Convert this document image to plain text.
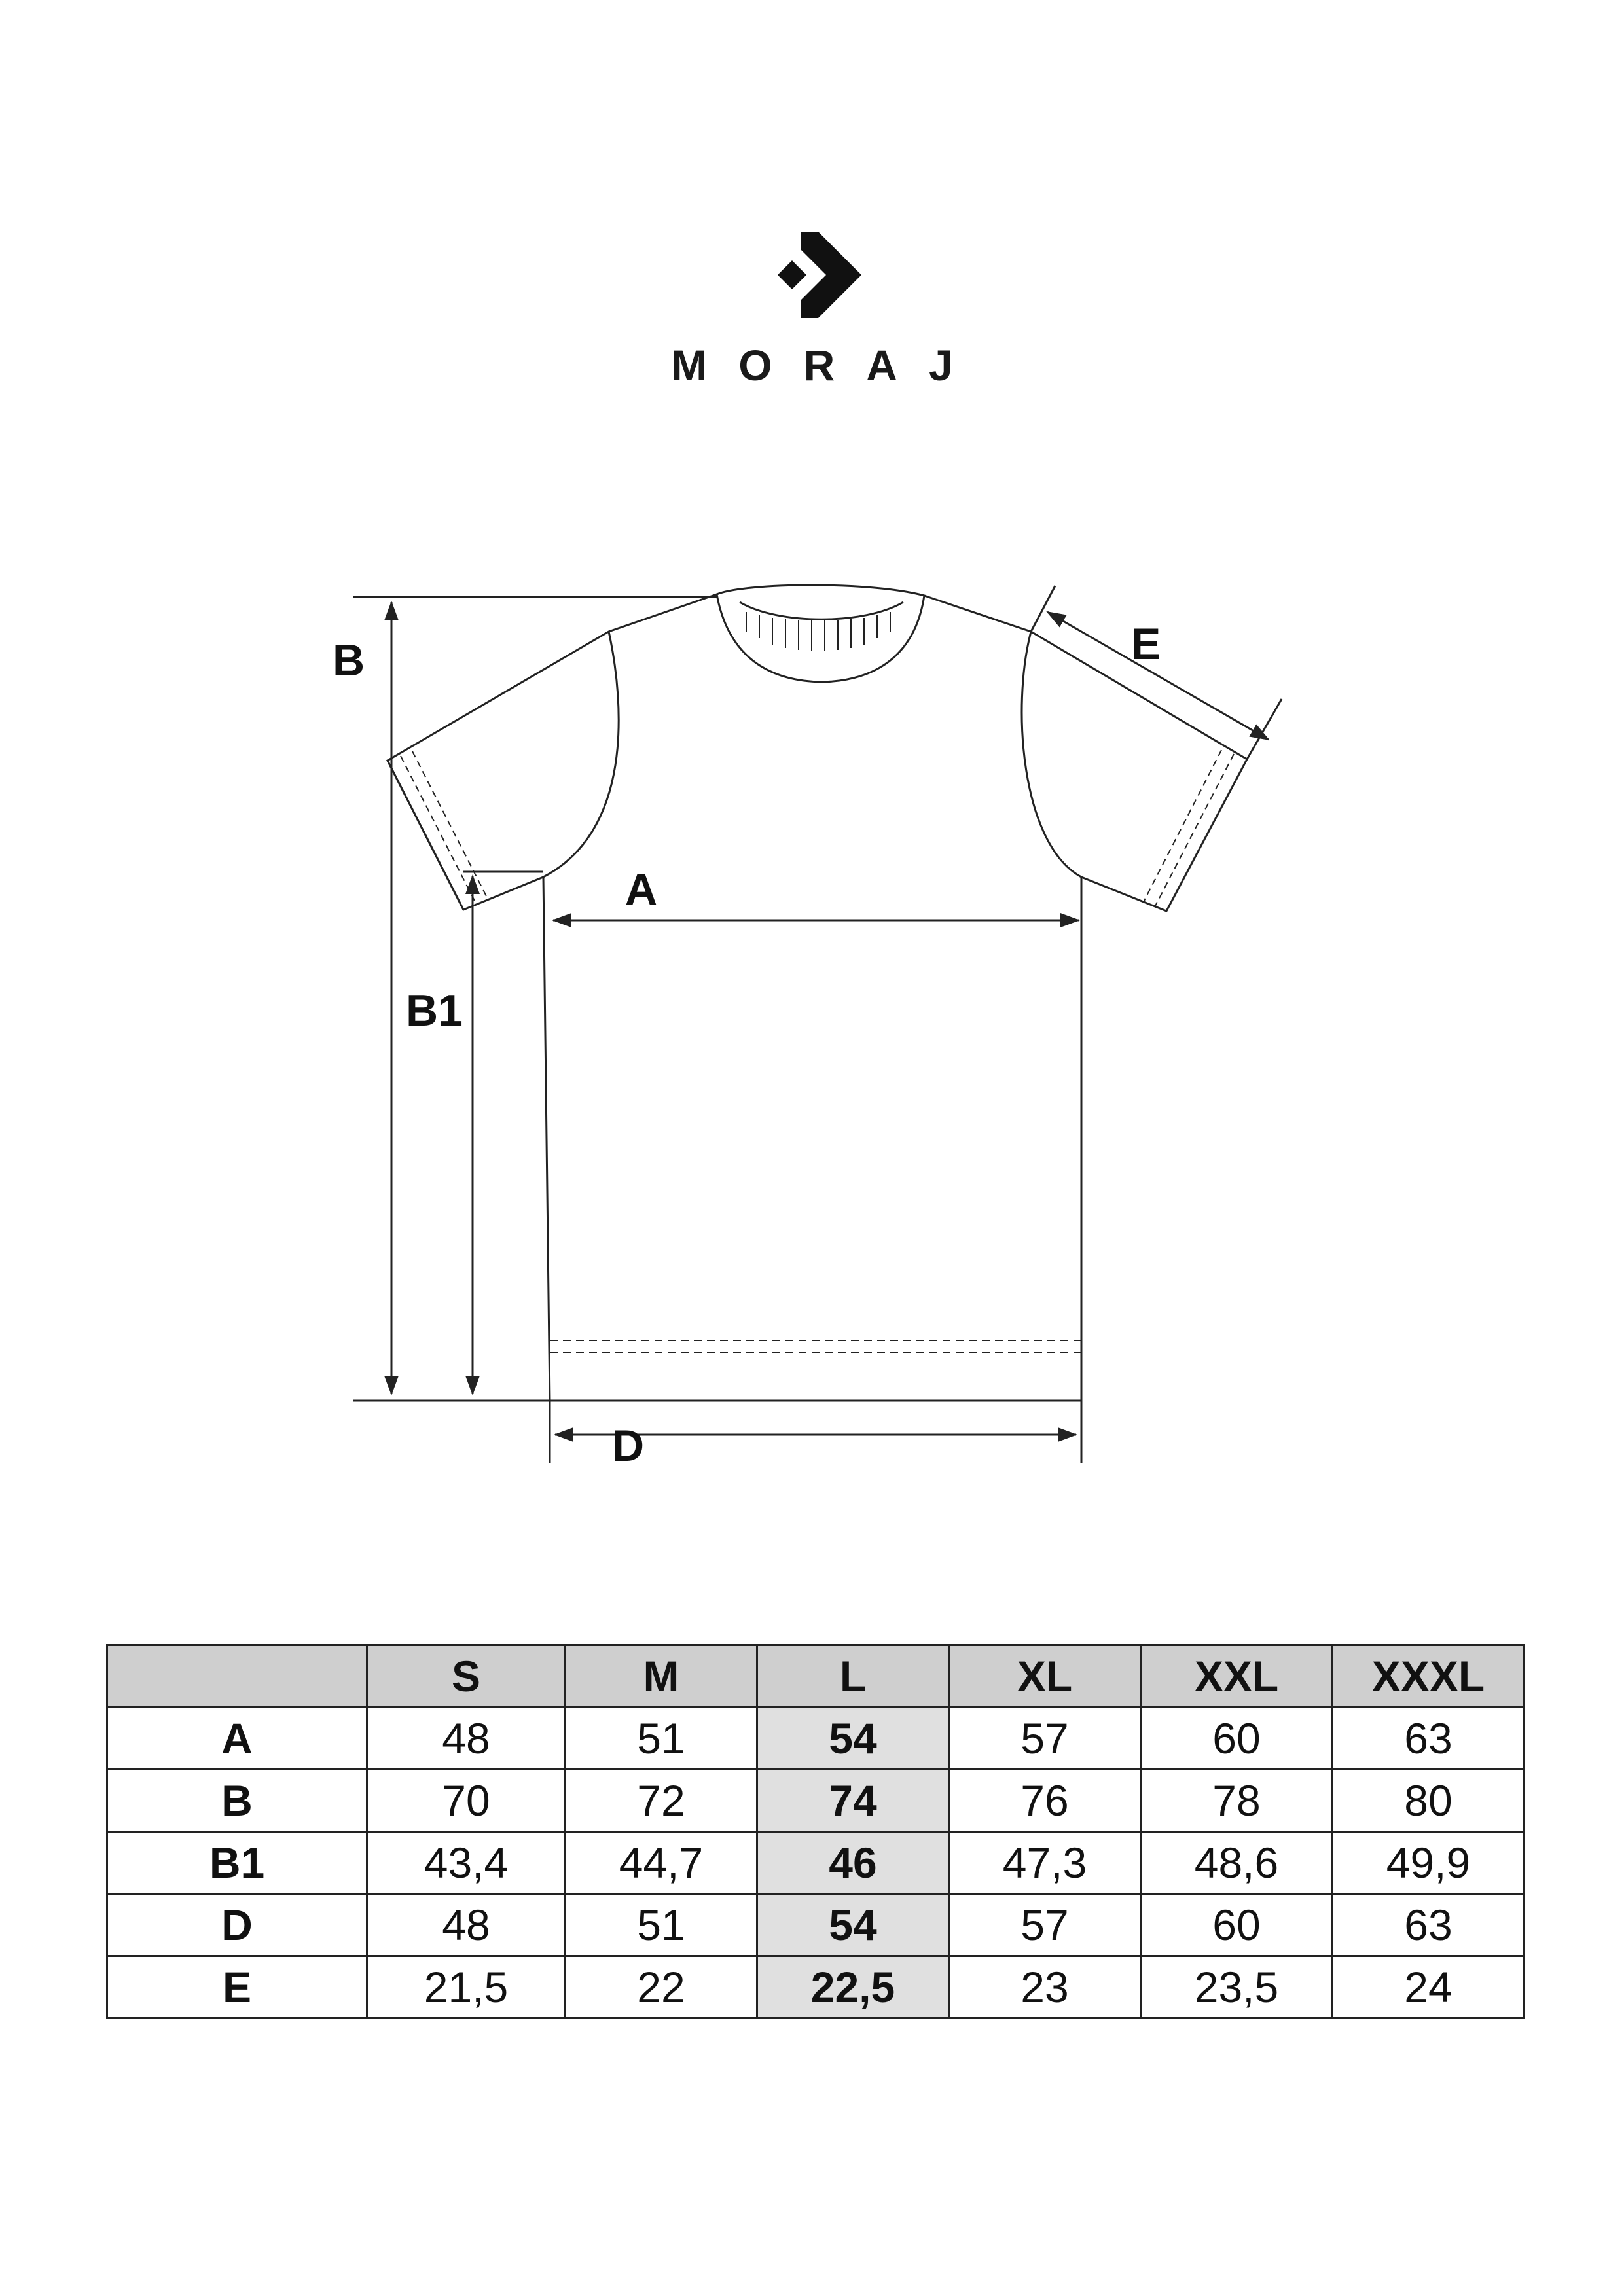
MORAJ
B	E
A
B1
D
	S	M	L	XL	XXL	XXXL
A	48	51	54	57	60	63
B	70	72	74	76	78	80
B1	43,4	44,7	46	47,3	48,6	49,9
D	48	51	54	57	60	63
E	21,5	22	22,5	23	23,5	24
